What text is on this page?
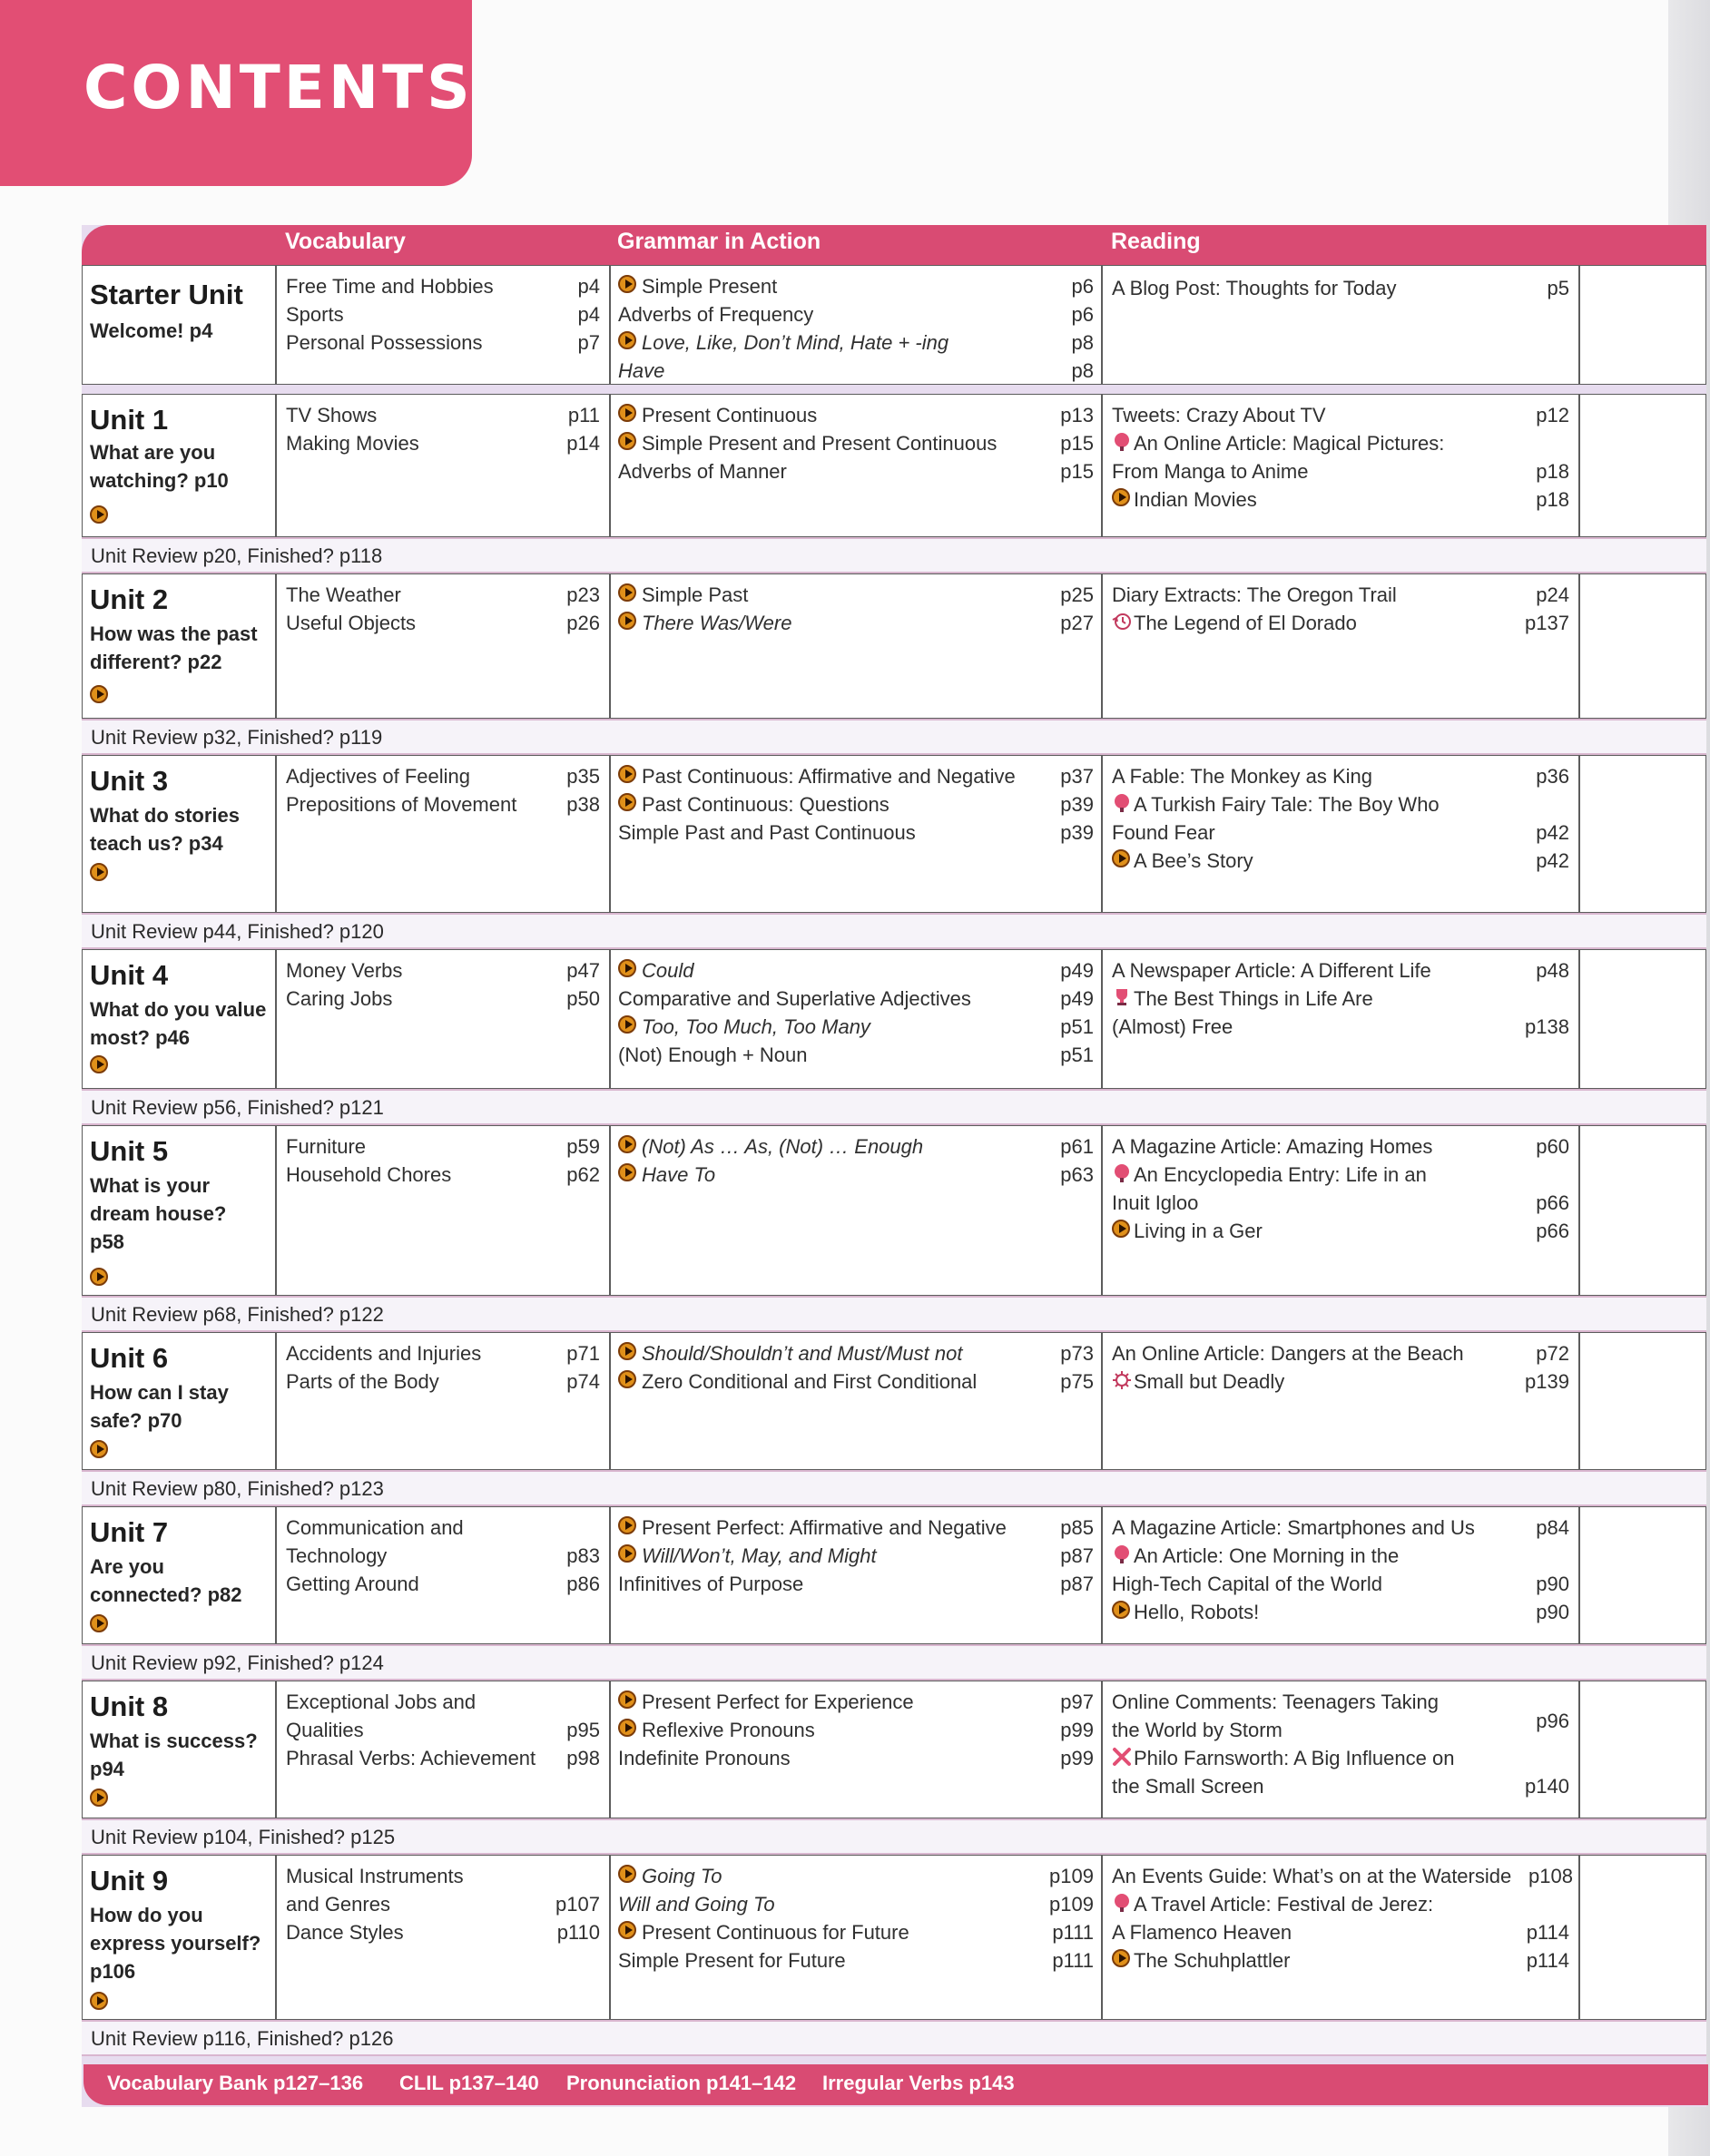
CONTENTS
Vocabulary	Grammar in Action	Reading
Starter Unit
Welcome! p4
Free Time and Hobbies	p4
Sports	p4
Personal Possessions	p7
Simple Present	p6
Adverbs of Frequency	p6
Love, Like, Don’t Mind, Hate + -ing	p8
Have	p8
A Blog Post: Thoughts for Today	p5
Unit 1
What are you watching? p10
TV Shows	p11
Making Movies	p14
Present Continuous	p13
Simple Present and Present Continuous	p15
Adverbs of Manner	p15
Tweets: Crazy About TV	p12
An Online Article: Magical Pictures:
From Manga to Anime	p18
Indian Movies	p18
Unit Review p20, Finished? p118
Unit 2
How was the past different? p22
The Weather	p23
Useful Objects	p26
Simple Past	p25
There Was/Were	p27
Diary Extracts: The Oregon Trail	p24
The Legend of El Dorado	p137
Unit Review p32, Finished? p119
Unit 3
What do stories teach us? p34
Adjectives of Feeling	p35
Prepositions of Movement p38
Past Continuous: Affirmative and Negative p37
Past Continuous: Questions	p39
Simple Past and Past Continuous	p39
A Fable: The Monkey as King	p36
A Turkish Fairy Tale: The Boy Who
Found Fear	p42
A Bee’s Story	p42
Unit Review p44, Finished? p120
Unit 4
What do you value most? p46
Money Verbs	p47
Caring Jobs	p50
Could	p49
Comparative and Superlative Adjectives	p49
Too, Too Much, Too Many	p51
(Not) Enough + Noun	p51
A Newspaper Article: A Different Life	p48
The Best Things in Life Are
(Almost) Free	p138
Unit Review p56, Finished? p121
Unit 5
What is your dream house? p58
Furniture	p59
Household Chores	p62
(Not) As … As, (Not) … Enough	p61
Have To	p63
A Magazine Article: Amazing Homes	p60
An Encyclopedia Entry: Life in an
Inuit Igloo	p66
Living in a Ger	p66
Unit Review p68, Finished? p122
Unit 6
How can I stay safe? p70
Accidents and Injuries	p71
Parts of the Body	p74
Should/Shouldn’t and Must/Must not	p73
Zero Conditional and First Conditional	p75
An Online Article: Dangers at the Beach	p72
Small but Deadly	p139
Unit Review p80, Finished? p123
Unit 7
Are you connected? p82
Communication and
Technology	p83
Getting Around	p86
Present Perfect: Affirmative and Negative	p85
Will/Won’t, May, and Might	p87
Infinitives of Purpose	p87
A Magazine Article: Smartphones and Us	p84
An Article: One Morning in the
High-Tech Capital of the World	p90
Hello, Robots!	p90
Unit Review p92, Finished? p124
Unit 8
What is success? p94
Exceptional Jobs and
Qualities	p95
Phrasal Verbs: Achievement p98
Present Perfect for Experience	p97
Reflexive Pronouns	p99
Indefinite Pronouns	p99
Online Comments: Teenagers Taking
the World by Storm	p96
Philo Farnsworth: A Big Influence on
the Small Screen	p140
Unit Review p104, Finished? p125
Unit 9
How do you express yourself? p106
Musical Instruments
and Genres	p107
Dance Styles	p110
Going To	p109
Will and Going To	p109
Present Continuous for Future	p111
Simple Present for Future	p111
An Events Guide: What’s on at the Waterside p108
A Travel Article: Festival de Jerez:
A Flamenco Heaven	p114
The Schuhplattler	p114
Unit Review p116, Finished? p126
Vocabulary Bank p127–136 CLIL p137–140 Pronunciation p141–142 Irregular Verbs p143
